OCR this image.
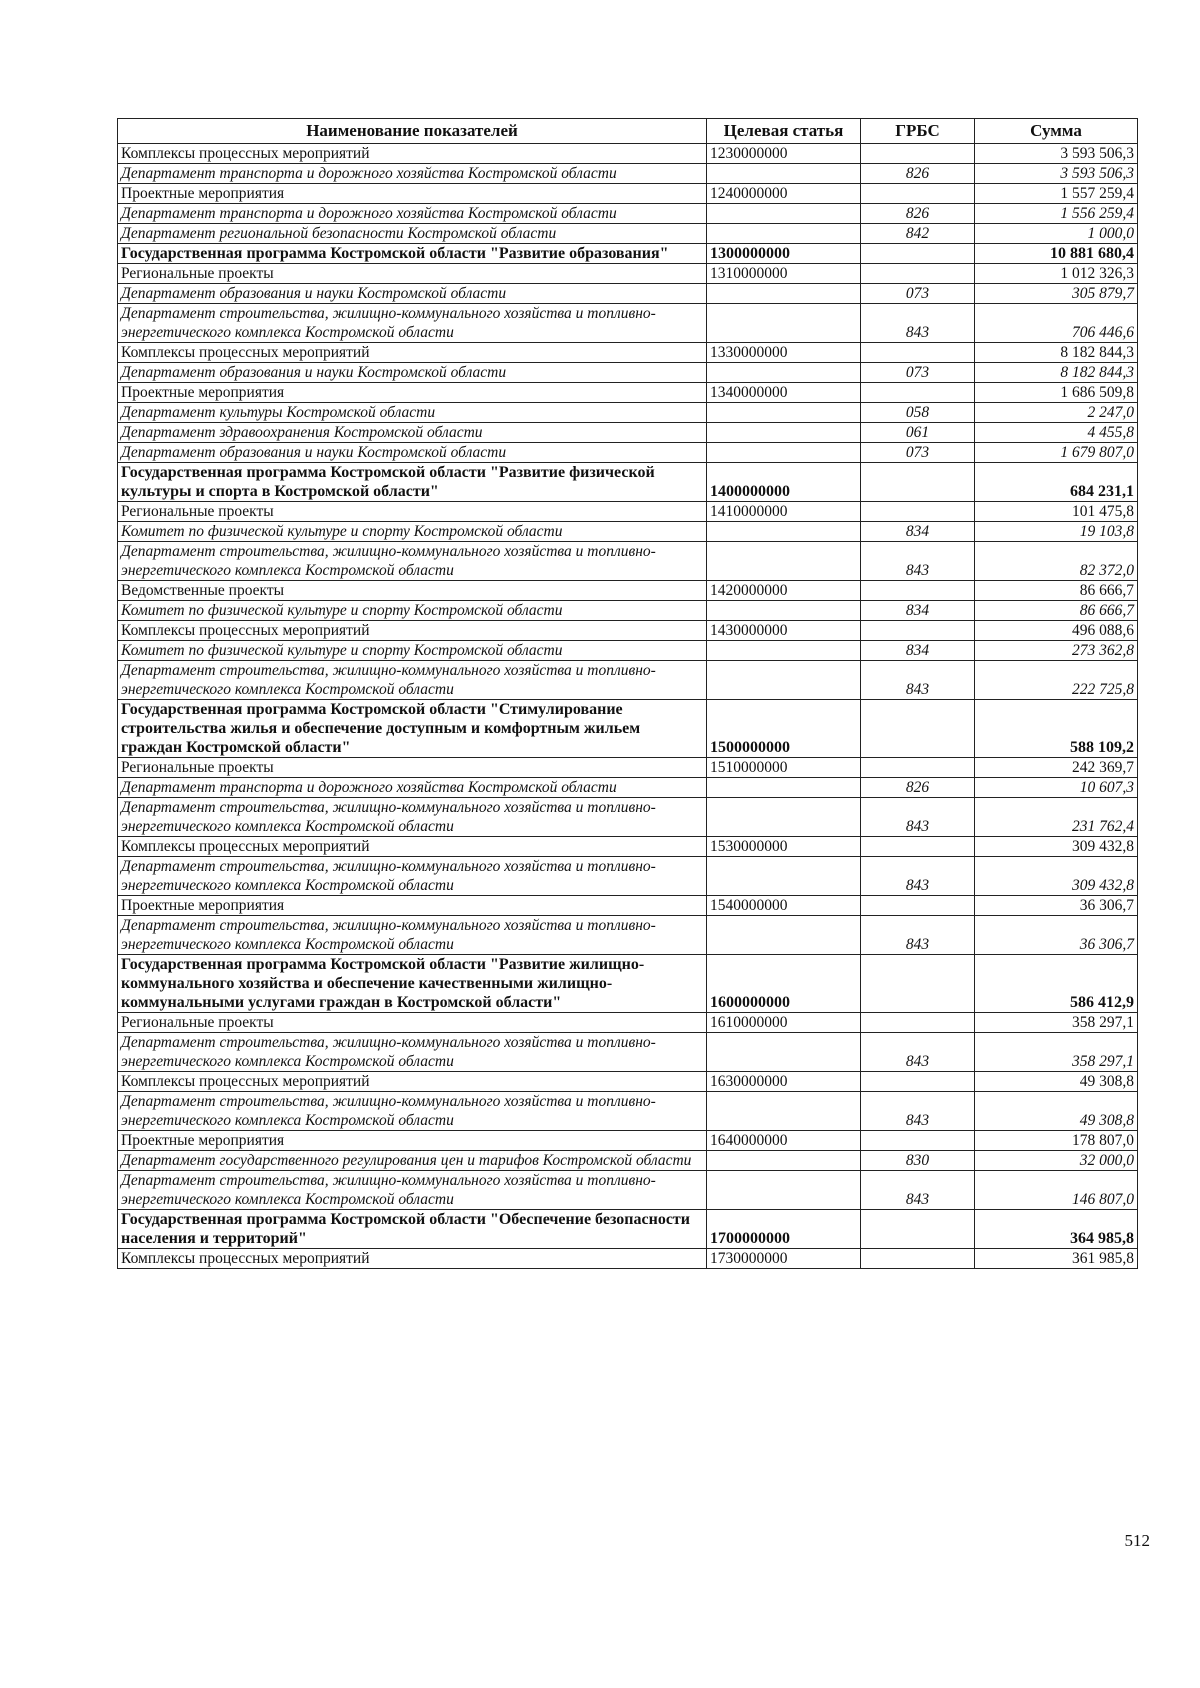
Наименование показателей	Целевая статья	ГРБС	Сумма
Комплексы процессных мероприятий	1230000000		3 593 506,3
Департамент транспорта и дорожного хозяйства Костромской области		826	3 593 506,3
Проектные мероприятия	1240000000		1 557 259,4
Департамент транспорта и дорожного хозяйства Костромской области		826	1 556 259,4
Департамент региональной безопасности Костромской области		842	1 000,0
Государственная программа Костромской области "Развитие образования"	1300000000		10 881 680,4
Региональные проекты	1310000000		1 012 326,3
Департамент образования и науки Костромской области		073	305 879,7
Департамент строительства, жилищно-коммунального хозяйства и топливно-энергетического комплекса Костромской области		843	706 446,6
Комплексы процессных мероприятий	1330000000		8 182 844,3
Департамент образования и науки Костромской области		073	8 182 844,3
Проектные мероприятия	1340000000		1 686 509,8
Департамент культуры Костромской области		058	2 247,0
Департамент здравоохранения Костромской области		061	4 455,8
Департамент образования и науки Костромской области		073	1 679 807,0
Государственная программа Костромской области "Развитие физической культуры и спорта в Костромской области"	1400000000		684 231,1
Региональные проекты	1410000000		101 475,8
Комитет по физической культуре и спорту Костромской области		834	19 103,8
Департамент строительства, жилищно-коммунального хозяйства и топливно-энергетического комплекса Костромской области		843	82 372,0
Ведомственные проекты	1420000000		86 666,7
Комитет по физической культуре и спорту Костромской области		834	86 666,7
Комплексы процессных мероприятий	1430000000		496 088,6
Комитет по физической культуре и спорту Костромской области		834	273 362,8
Департамент строительства, жилищно-коммунального хозяйства и топливно-энергетического комплекса Костромской области		843	222 725,8
Государственная программа Костромской области "Стимулирование строительства жилья и обеспечение доступным и комфортным жильем граждан Костромской области"	1500000000		588 109,2
Региональные проекты	1510000000		242 369,7
Департамент транспорта и дорожного хозяйства Костромской области		826	10 607,3
Департамент строительства, жилищно-коммунального хозяйства и топливно-энергетического комплекса Костромской области		843	231 762,4
Комплексы процессных мероприятий	1530000000		309 432,8
Департамент строительства, жилищно-коммунального хозяйства и топливно-энергетического комплекса Костромской области		843	309 432,8
Проектные мероприятия	1540000000		36 306,7
Департамент строительства, жилищно-коммунального хозяйства и топливно-энергетического комплекса Костромской области		843	36 306,7
Государственная программа Костромской области "Развитие жилищно-коммунального хозяйства и обеспечение качественными жилищно-коммунальными услугами граждан в Костромской области"	1600000000		586 412,9
Региональные проекты	1610000000		358 297,1
Департамент строительства, жилищно-коммунального хозяйства и топливно-энергетического комплекса Костромской области		843	358 297,1
Комплексы процессных мероприятий	1630000000		49 308,8
Департамент строительства, жилищно-коммунального хозяйства и топливно-энергетического комплекса Костромской области		843	49 308,8
Проектные мероприятия	1640000000		178 807,0
Департамент государственного регулирования цен и тарифов Костромской области		830	32 000,0
Департамент строительства, жилищно-коммунального хозяйства и топливно-энергетического комплекса Костромской области		843	146 807,0
Государственная программа Костромской области "Обеспечение безопасности населения и территорий"	1700000000		364 985,8
Комплексы процессных мероприятий	1730000000		361 985,8
512
